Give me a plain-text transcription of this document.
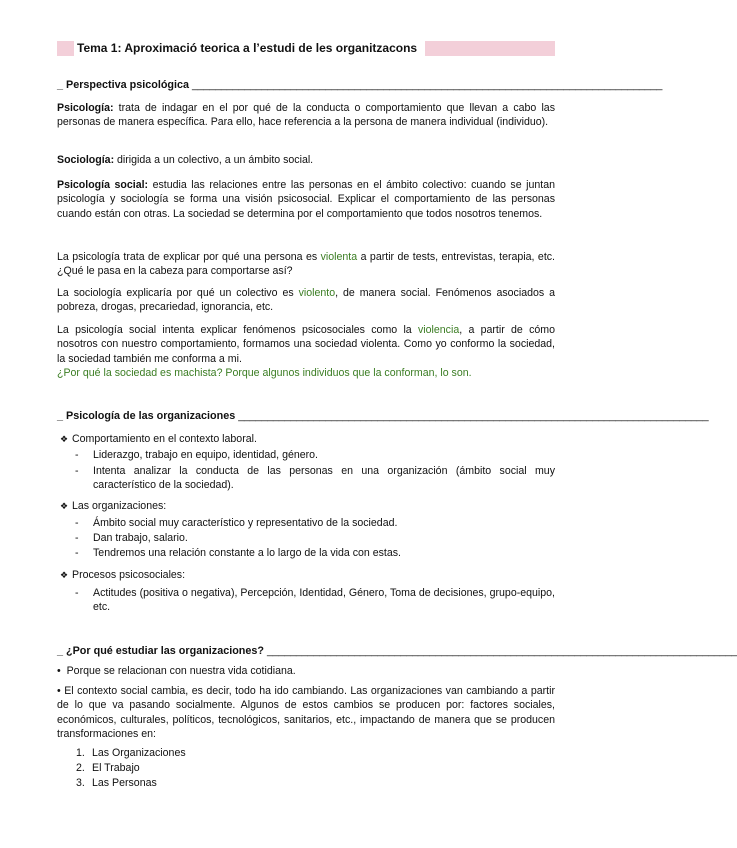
Tema 1: Aproximació teorica a l’estudi de les organitzacons
_ Perspectiva psicológica _________________________________________________________________________________
Psicología: trata de indagar en el por qué de la conducta o comportamiento que llevan a cabo las personas de manera específica. Para ello, hace referencia a la persona de manera individual (individuo).
Sociología: dirigida a un colectivo, a un ámbito social.
Psicología social: estudia las relaciones entre las personas en el ámbito colectivo: cuando se juntan psicología y sociología se forma una visión psicosocial. Explicar el comportamiento de las personas cuando están con otras. La sociedad se determina por el comportamiento que todos nosotros tenemos.
La psicología trata de explicar por qué una persona es violenta a partir de tests, entrevistas, terapia, etc. ¿Qué le pasa en la cabeza para comportarse así?
La sociología explicaría por qué un colectivo es violento, de manera social. Fenómenos asociados a pobreza, drogas, precariedad, ignorancia, etc.
La psicología social intenta explicar fenómenos psicosociales como la violencia, a partir de cómo nosotros con nuestro comportamiento, formamos una sociedad violenta. Como yo conformo la sociedad, la sociedad también me conforma a mi.
¿Por qué la sociedad es machista? Porque algunos individuos que la conforman, lo son.
_ Psicología de las organizaciones _________________________________________________________________________________
❖ Comportamiento en el contexto laboral.
- Liderazgo, trabajo en equipo, identidad, género.
- Intenta analizar la conducta de las personas en una organización (ámbito social muy característico de la sociedad).
❖ Las organizaciones:
- Ámbito social muy característico y representativo de la sociedad.
- Dan trabajo, salario.
- Tendremos una relación constante a lo largo de la vida con estas.
❖ Procesos psicosociales:
- Actitudes (positiva o negativa), Percepción, Identidad, Género, Toma de decisiones, grupo-equipo, etc.
_ ¿Por qué estudiar las organizaciones? _________________________________________________________________________________
•  Porque se relacionan con nuestra vida cotidiana.
• El contexto social cambia, es decir, todo ha ido cambiando. Las organizaciones van cambiando a partir de lo que va pasando socialmente. Algunos de estos cambios se producen por: factores sociales, económicos, culturales, políticos, tecnológicos, sanitarios, etc., impactando de manera que se producen transformaciones en:
1. Las Organizaciones
2. El Trabajo
3. Las Personas
